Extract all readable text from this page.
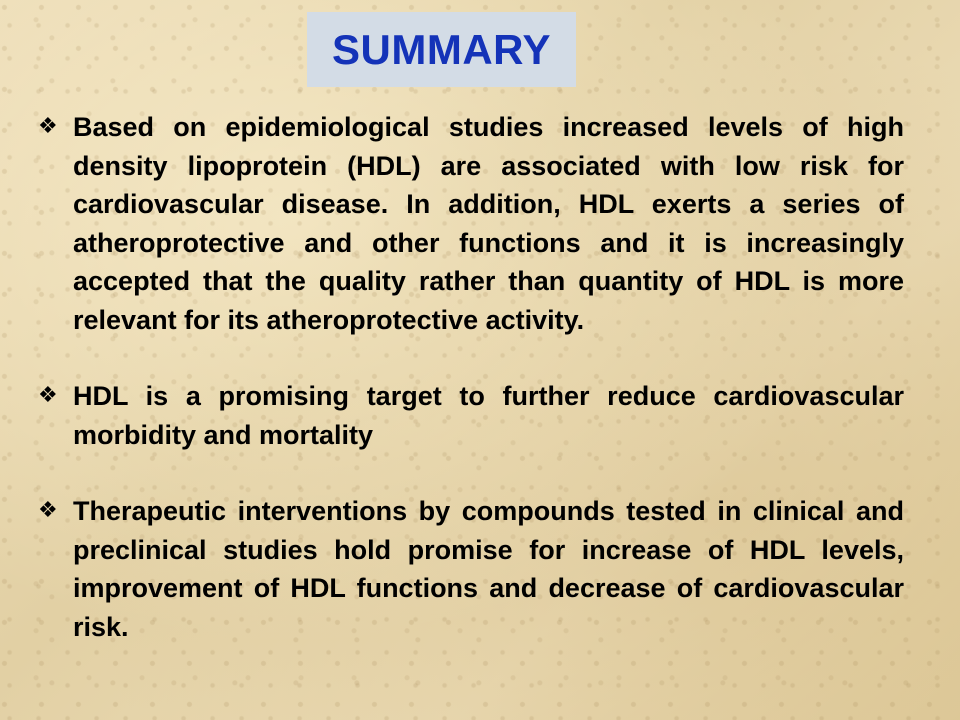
SUMMARY
❖ Based on epidemiological studies increased levels of high density lipoprotein (HDL) are associated with low risk for cardiovascular disease. In addition, HDL exerts a series of atheroprotective and other functions and it is increasingly accepted that the quality rather than quantity of HDL is more relevant for its atheroprotective activity.
❖ HDL is a promising target to further reduce cardiovascular morbidity and mortality
❖ Therapeutic interventions by compounds tested in clinical and preclinical studies hold promise for increase of HDL levels, improvement of HDL functions and decrease of cardiovascular risk.
